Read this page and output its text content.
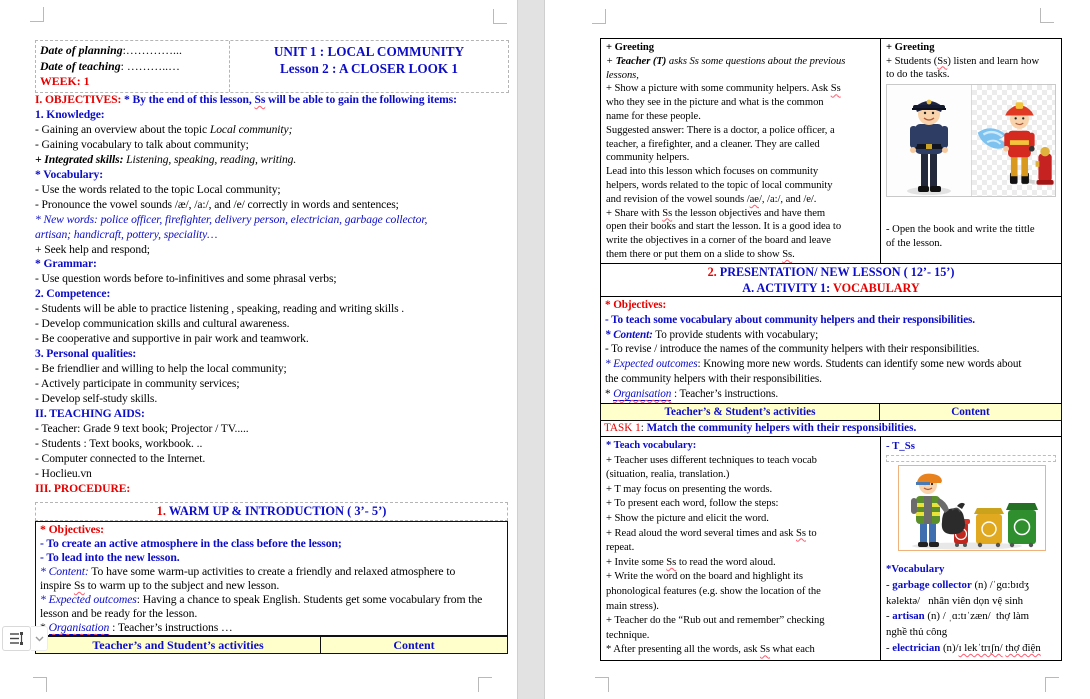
Date of planning:…………...
Date of teaching: ………..…
WEEK: 1
UNIT 1 : LOCAL COMMUNITY
Lesson 2 : A CLOSER LOOK 1
I. OBJECTIVES: * By the end of this lesson, Ss will be able to gain the following items:
1. Knowledge:
- Gaining an overview about the topic Local community;
- Gaining vocabulary to talk about community;
+ Integrated skills: Listening, speaking, reading, writing.
* Vocabulary:
- Use the words related to the topic Local community;
- Pronounce the vowel sounds /æ/, /a:/, and /e/ correctly in words and sentences;
* New words: police officer, firefighter, delivery person, electrician, garbage collector,
artisan; handicraft, pottery, speciality…
+ Seek help and respond;
* Grammar:
- Use question words before to-infinitives and some phrasal verbs;
2. Competence:
- Students will be able to practice listening , speaking, reading and writing skills .
- Develop communication skills and cultural awareness.
- Be cooperative and supportive in pair work and teamwork.
3. Personal qualities:
- Be friendlier and willing to help the local community;
- Actively participate in community services;
- Develop self-study skills.
II. TEACHING AIDS:
- Teacher: Grade 9 text book; Projector / TV.....
- Students : Text books, workbook. ..
- Computer connected to the Internet.
- Hoclieu.vn
III. PROCEDURE:
1. WARM UP & INTRODUCTION ( 3’- 5’)
* Objectives:
- To create an active atmosphere in the class before the lesson;
- To lead into the new lesson.
* Content: To have some warm-up activities to create a friendly and relaxed atmosphere to
inspire Ss to warm up to the subject and new lesson.
* Expected outcomes: Having a chance to speak English. Students get some vocabulary from the
lesson and be ready for the lesson.
Organisation : Teacher’s instructions …
Teacher’s and Student’s activities	Content
+ Greeting
+ Teacher (T) asks Ss some questions about the previous
lessons,
+ Show a picture with some community helpers. Ask Ss
who they see in the picture and what is the common
name for these people.
Suggested answer: There is a doctor, a police officer, a
teacher, a firefighter, and a cleaner. They are called
community helpers.
Lead into this lesson which focuses on community
helpers, words related to the topic of local community
and revision of the vowel sounds /ae/, /a:/, and /e/.
+ Share with Ss the lesson objectives and have them
open their books and start the lesson. It is a good idea to
write the objectives in a corner of the board and leave
them there or put them on a slide to show Ss.
+ Greeting
+ Students (Ss) listen and learn how
to do the tasks.
- Open the book and write the tittle
of the lesson.
2. PRESENTATION/ NEW LESSON ( 12’- 15’)
A. ACTIVITY 1: VOCABULARY
* Objectives:
- To teach some vocabulary about community helpers and their responsibilities.
* Content: To provide students with vocabulary;
- To revise / introduce the names of the community helpers with their responsibilities.
* Expected outcomes: Knowing more new words. Students can identify some new words about
the community helpers with their responsibilities.
* Organisation : Teacher’s instructions.
Teacher’s & Student’s activities	Content
TASK 1: Match the community helpers with their responsibilities.
* Teach vocabulary:
+ Teacher uses different techniques to teach vocab
(situation, realia, translation.)
+ T may focus on presenting the words.
+ To present each word, follow the steps:
+ Show the picture and elicit the word.
+ Read aloud the word several times and ask Ss to
repeat.
+ Invite some Ss to read the word aloud.
+ Write the word on the board and highlight its
phonological features (e.g. show the location of the
main stress).
+ Teacher do the “Rub out and remember” checking
technique.
* After presenting all the words, ask Ss what each
- T_Ss
*Vocabulary
- garbage collector (n) /ˈgɑ:bɪdʒ
kəlektə/   nhân viên dọn vệ sinh
- artisan (n) / ˌɑ:tɪˈzæn/  thợ làm
nghề thủ công
- electrician (n)/ɪ lekˈtrɪʃn/ thợ điện
